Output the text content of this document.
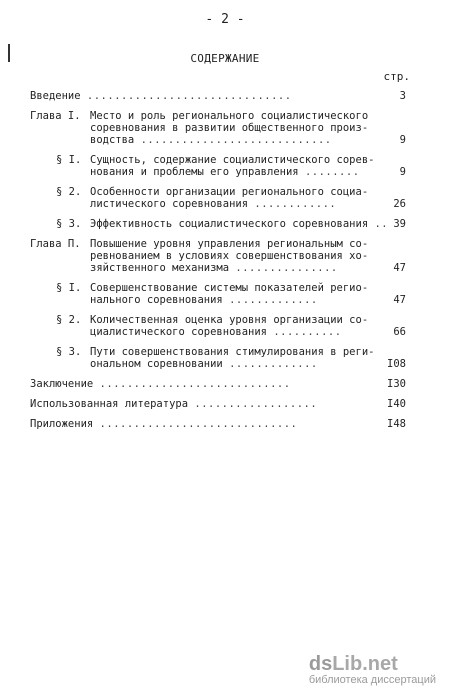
- 2 -
СОДЕРЖАНИЕ
стр.
Введение ..............................	3
Глава I. Место и роль регионального социалистического
соревнования в развитии общественного произ-
водства ............................	9
§ I. Сущность, содержание социалистического сорев-
нования и проблемы его управления ........	9
§ 2. Особенности организации регионального социа-
листического соревнования ............	26
§ 3. Эффективность социалистического соревнования .. 39
Глава П. Повышение уровня управления региональным со-
ревнованием в условиях совершенствования хо-
зяйственного механизма ...............	47
§ I. Совершенствование системы показателей регио-
нального соревнования .............	47
§ 2. Количественная оценка уровня организации со-
циалистического соревнования ..........	66
§ 3. Пути совершенствования стимулирования в реги-
ональном соревновании .............	I08
Заключение ............................	I30
Использованная литература ..................	I40
Приложения .............................	I48
dsLib.net
библиотека диссертаций
